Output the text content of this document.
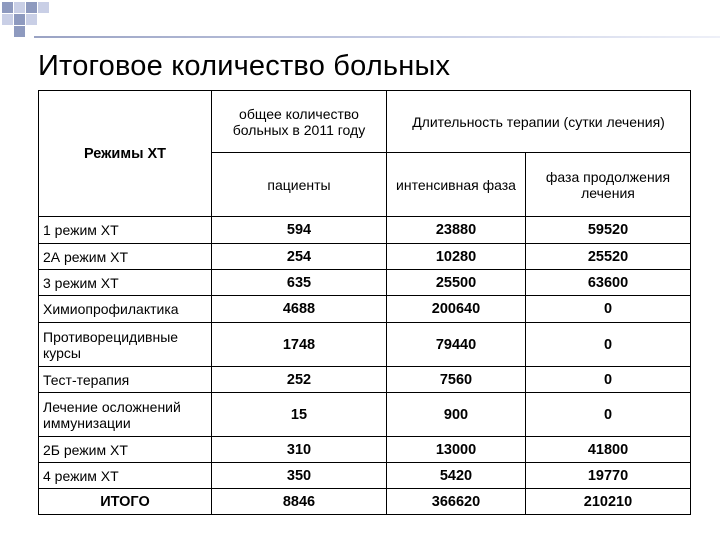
Итоговое количество больных
Режимы ХТ	общее количество больных в 2011 году	Длительность терапии (сутки лечения)	
	пациенты	интенсивная фаза	фаза продолжения лечения
1 режим ХТ	594	23880	59520
2А режим ХТ	254	10280	25520
3 режим ХТ	635	25500	63600
Химиопрофилактика	4688	200640	0
Противорецидивные курсы	1748	79440	0
Тест-терапия	252	7560	0
Лечение осложнений иммунизации	15	900	0
2Б режим ХТ	310	13000	41800
4 режим ХТ	350	5420	19770
ИТОГО	8846	366620	210210
